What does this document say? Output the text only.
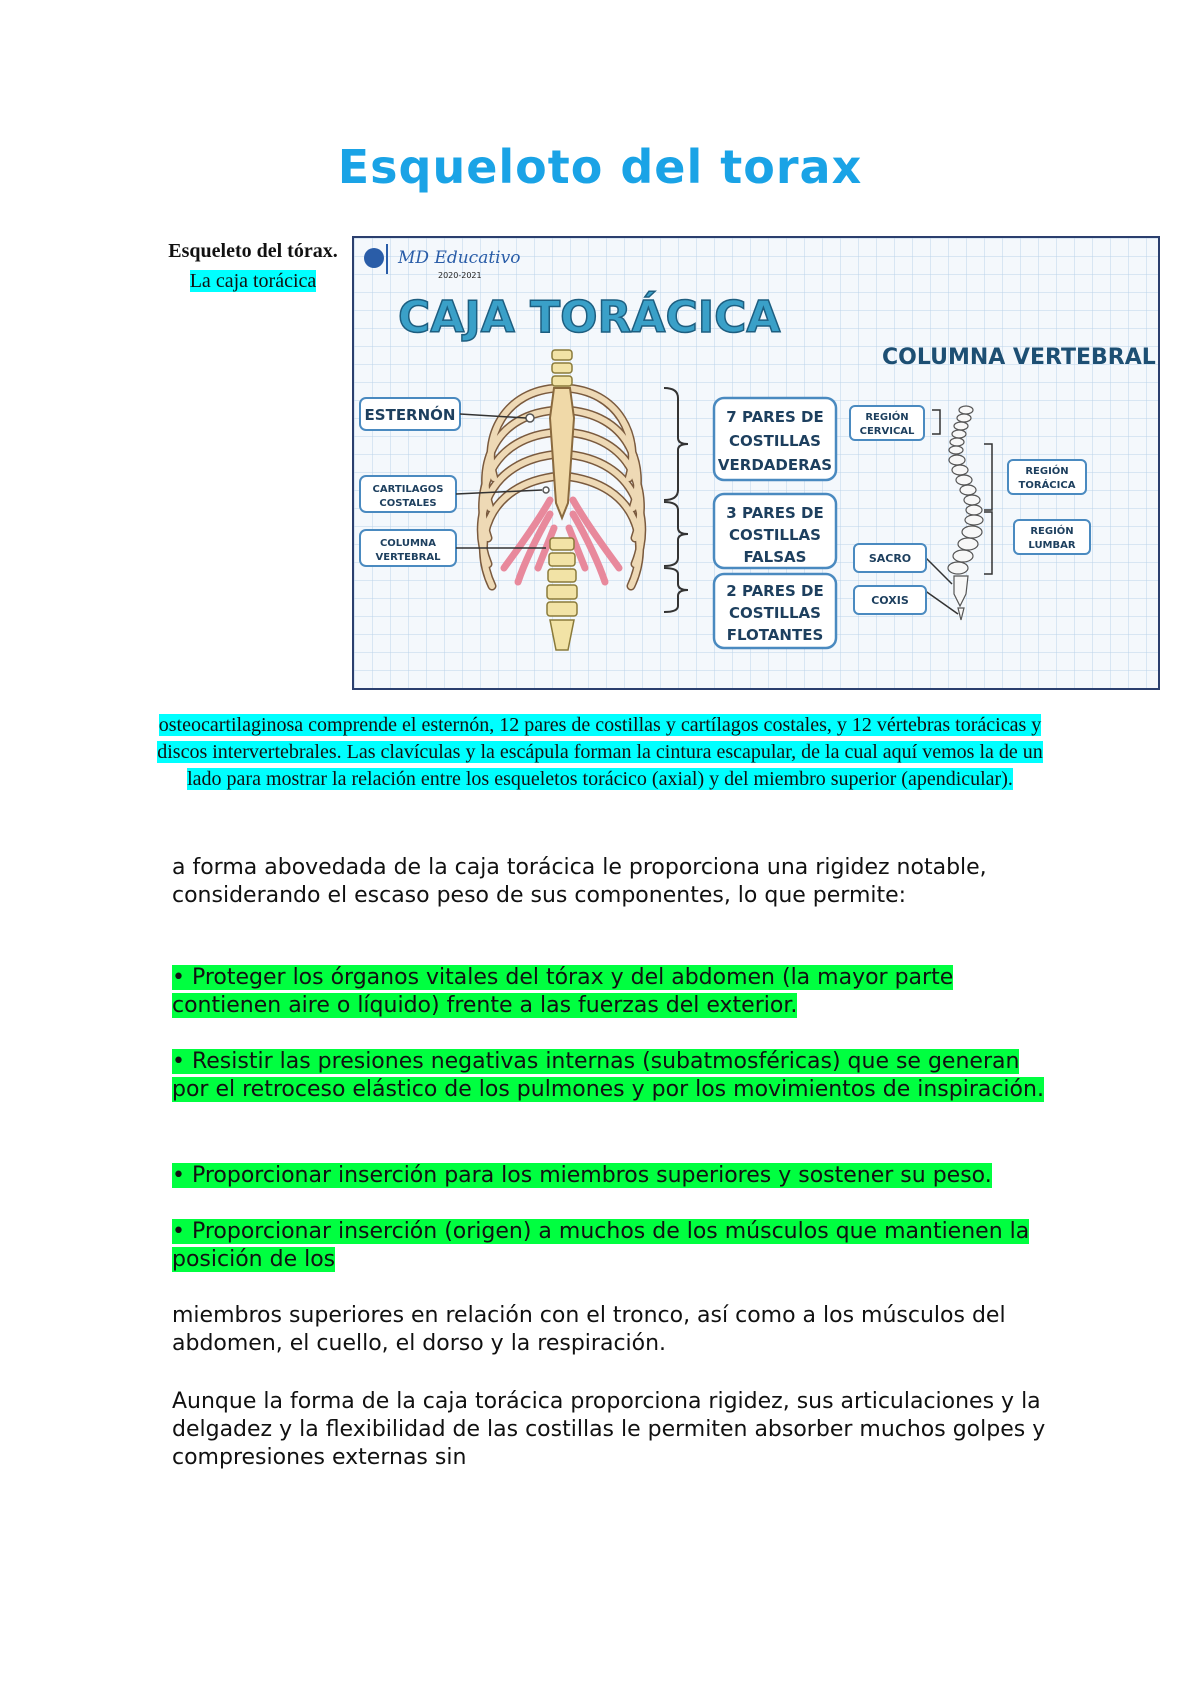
Esqueloto del torax
Esqueleto del tórax. La caja torácica
MD Educativo
2020-2021
CAJA TORÁCICA
COLUMNA VERTEBRAL
ESTERNÓN
CARTILAGOS
COSTALES
COLUMNA
VERTEBRAL
7 PARES DE
COSTILLAS
VERDADERAS
3 PARES DE
COSTILLAS
FALSAS
2 PARES DE
COSTILLAS
FLOTANTES
REGIÓN
CERVICAL
REGIÓN
TORÁCICA
REGIÓN
LUMBAR
SACRO
COXIS
osteocartilaginosa comprende el esternón, 12 pares de costillas y cartílagos costales, y 12 vértebras torácicas y discos intervertebrales. Las clavículas y la escápula forman la cintura escapular, de la cual aquí vemos la de un lado para mostrar la relación entre los esqueletos torácico (axial) y del miembro superior (apendicular).

a forma abovedada de la caja torácica le proporciona una rigidez notable, considerando el escaso peso de sus componentes, lo que permite:

• Proteger los órganos vitales del tórax y del abdomen (la mayor parte contienen aire o líquido) frente a las fuerzas del exterior.

• Resistir las presiones negativas internas (subatmosféricas) que se generan por el retroceso elástico de los pulmones y por los movimientos de inspiración.

• Proporcionar inserción para los miembros superiores y sostener su peso.

• Proporcionar inserción (origen) a muchos de los músculos que mantienen la posición de los

miembros superiores en relación con el tronco, así como a los músculos del abdomen, el cuello, el dorso y la respiración.

Aunque la forma de la caja torácica proporciona rigidez, sus articulaciones y la delgadez y la flexibilidad de las costillas le permiten absorber muchos golpes y compresiones externas sin
